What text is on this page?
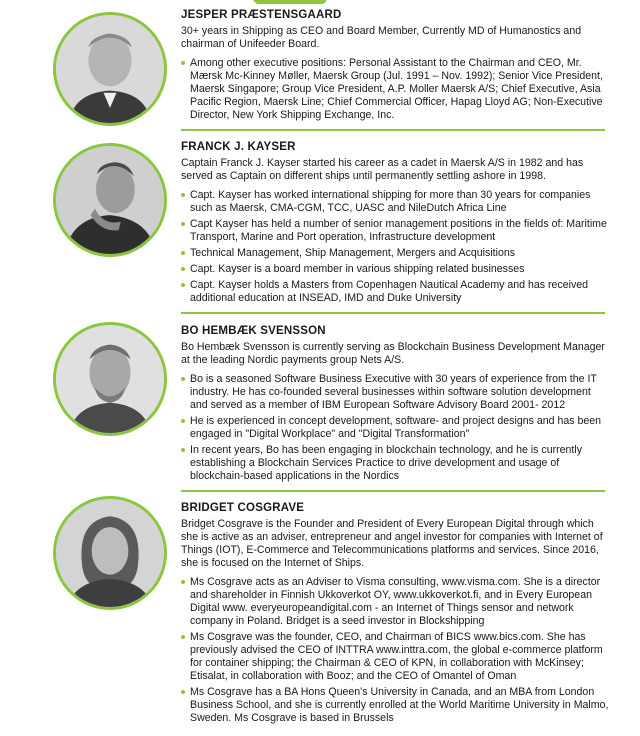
JESPER PRÆSTENSGAARD
30+ years in Shipping as CEO and Board Member, Currently MD of Humanostics and chairman of Unifeeder Board.
Among other executive positions: Personal Assistant to the Chairman and CEO, Mr. Mærsk Mc-Kinney Møller, Maersk Group (Jul. 1991 – Nov. 1992); Senior Vice President, Maersk Singapore; Group Vice President, A.P. Moller Maersk A/S; Chief Executive, Asia Pacific Region, Maersk Line; Chief Commercial Officer, Hapag Lloyd AG; Non-Executive Director, New York Shipping Exchange, Inc.
FRANCK J. KAYSER
Captain Franck J. Kayser started his career as a cadet in Maersk A/S in 1982 and has served as Captain on different ships until permanently settling ashore in 1998.
Capt. Kayser has worked international shipping for more than 30 years for companies such as Maersk, CMA-CGM, TCC, UASC and NileDutch Africa Line
Capt Kayser has held a number of senior management positions in the fields of: Maritime Transport, Marine and Port operation, Infrastructure development
Technical Management, Ship Management, Mergers and Acquisitions
Capt. Kayser is a board member in various shipping related businesses
Capt. Kayser holds a Masters from Copenhagen Nautical Academy and has received additional education at INSEAD, IMD and Duke University
BO HEMBÆK SVENSSON
Bo Hembæk Svensson is currently serving as Blockchain Business Development Manager at the leading Nordic payments group Nets A/S.
Bo is a seasoned Software Business Executive with 30 years of experience from the IT industry. He has co-founded several businesses within software solution development and served as a member of IBM European Software Advisory Board 2001- 2012
He is experienced in concept development, software- and project designs and has been engaged in "Digital Workplace" and "Digital Transformation"
In recent years, Bo has been engaging in blockchain technology, and he is currently establishing a Blockchain Services Practice to drive development and usage of blockchain-based applications in the Nordics
BRIDGET COSGRAVE
Bridget Cosgrave is the Founder and President of Every European Digital through which she is active as an adviser, entrepreneur and angel investor for companies with Internet of Things (IOT), E-Commerce and Telecommunications platforms and services. Since 2016, she is focused on the Internet of Ships.
Ms Cosgrave acts as an Adviser to Visma consulting, www.visma.com. She is a director and shareholder in Finnish Ukkoverkot OY, www.ukkoverkot.fi, and in Every European Digital www. everyeuropeandigital.com - an Internet of Things sensor and network company in Poland. Bridget is a seed investor in Blockshipping
Ms Cosgrave was the founder, CEO, and Chairman of BICS www.bics.com. She has previously advised the CEO of INTTRA www.inttra.com, the global e-commerce platform for container shipping; the Chairman & CEO of KPN, in collaboration with McKinsey; Etisalat, in collaboration with Booz; and the CEO of Omantel of Oman
Ms Cosgrave has a BA Hons Queen's University in Canada, and an MBA from London Business School, and she is currently enrolled at the World Maritime University in Malmo, Sweden. Ms Cosgrave is based in Brussels
